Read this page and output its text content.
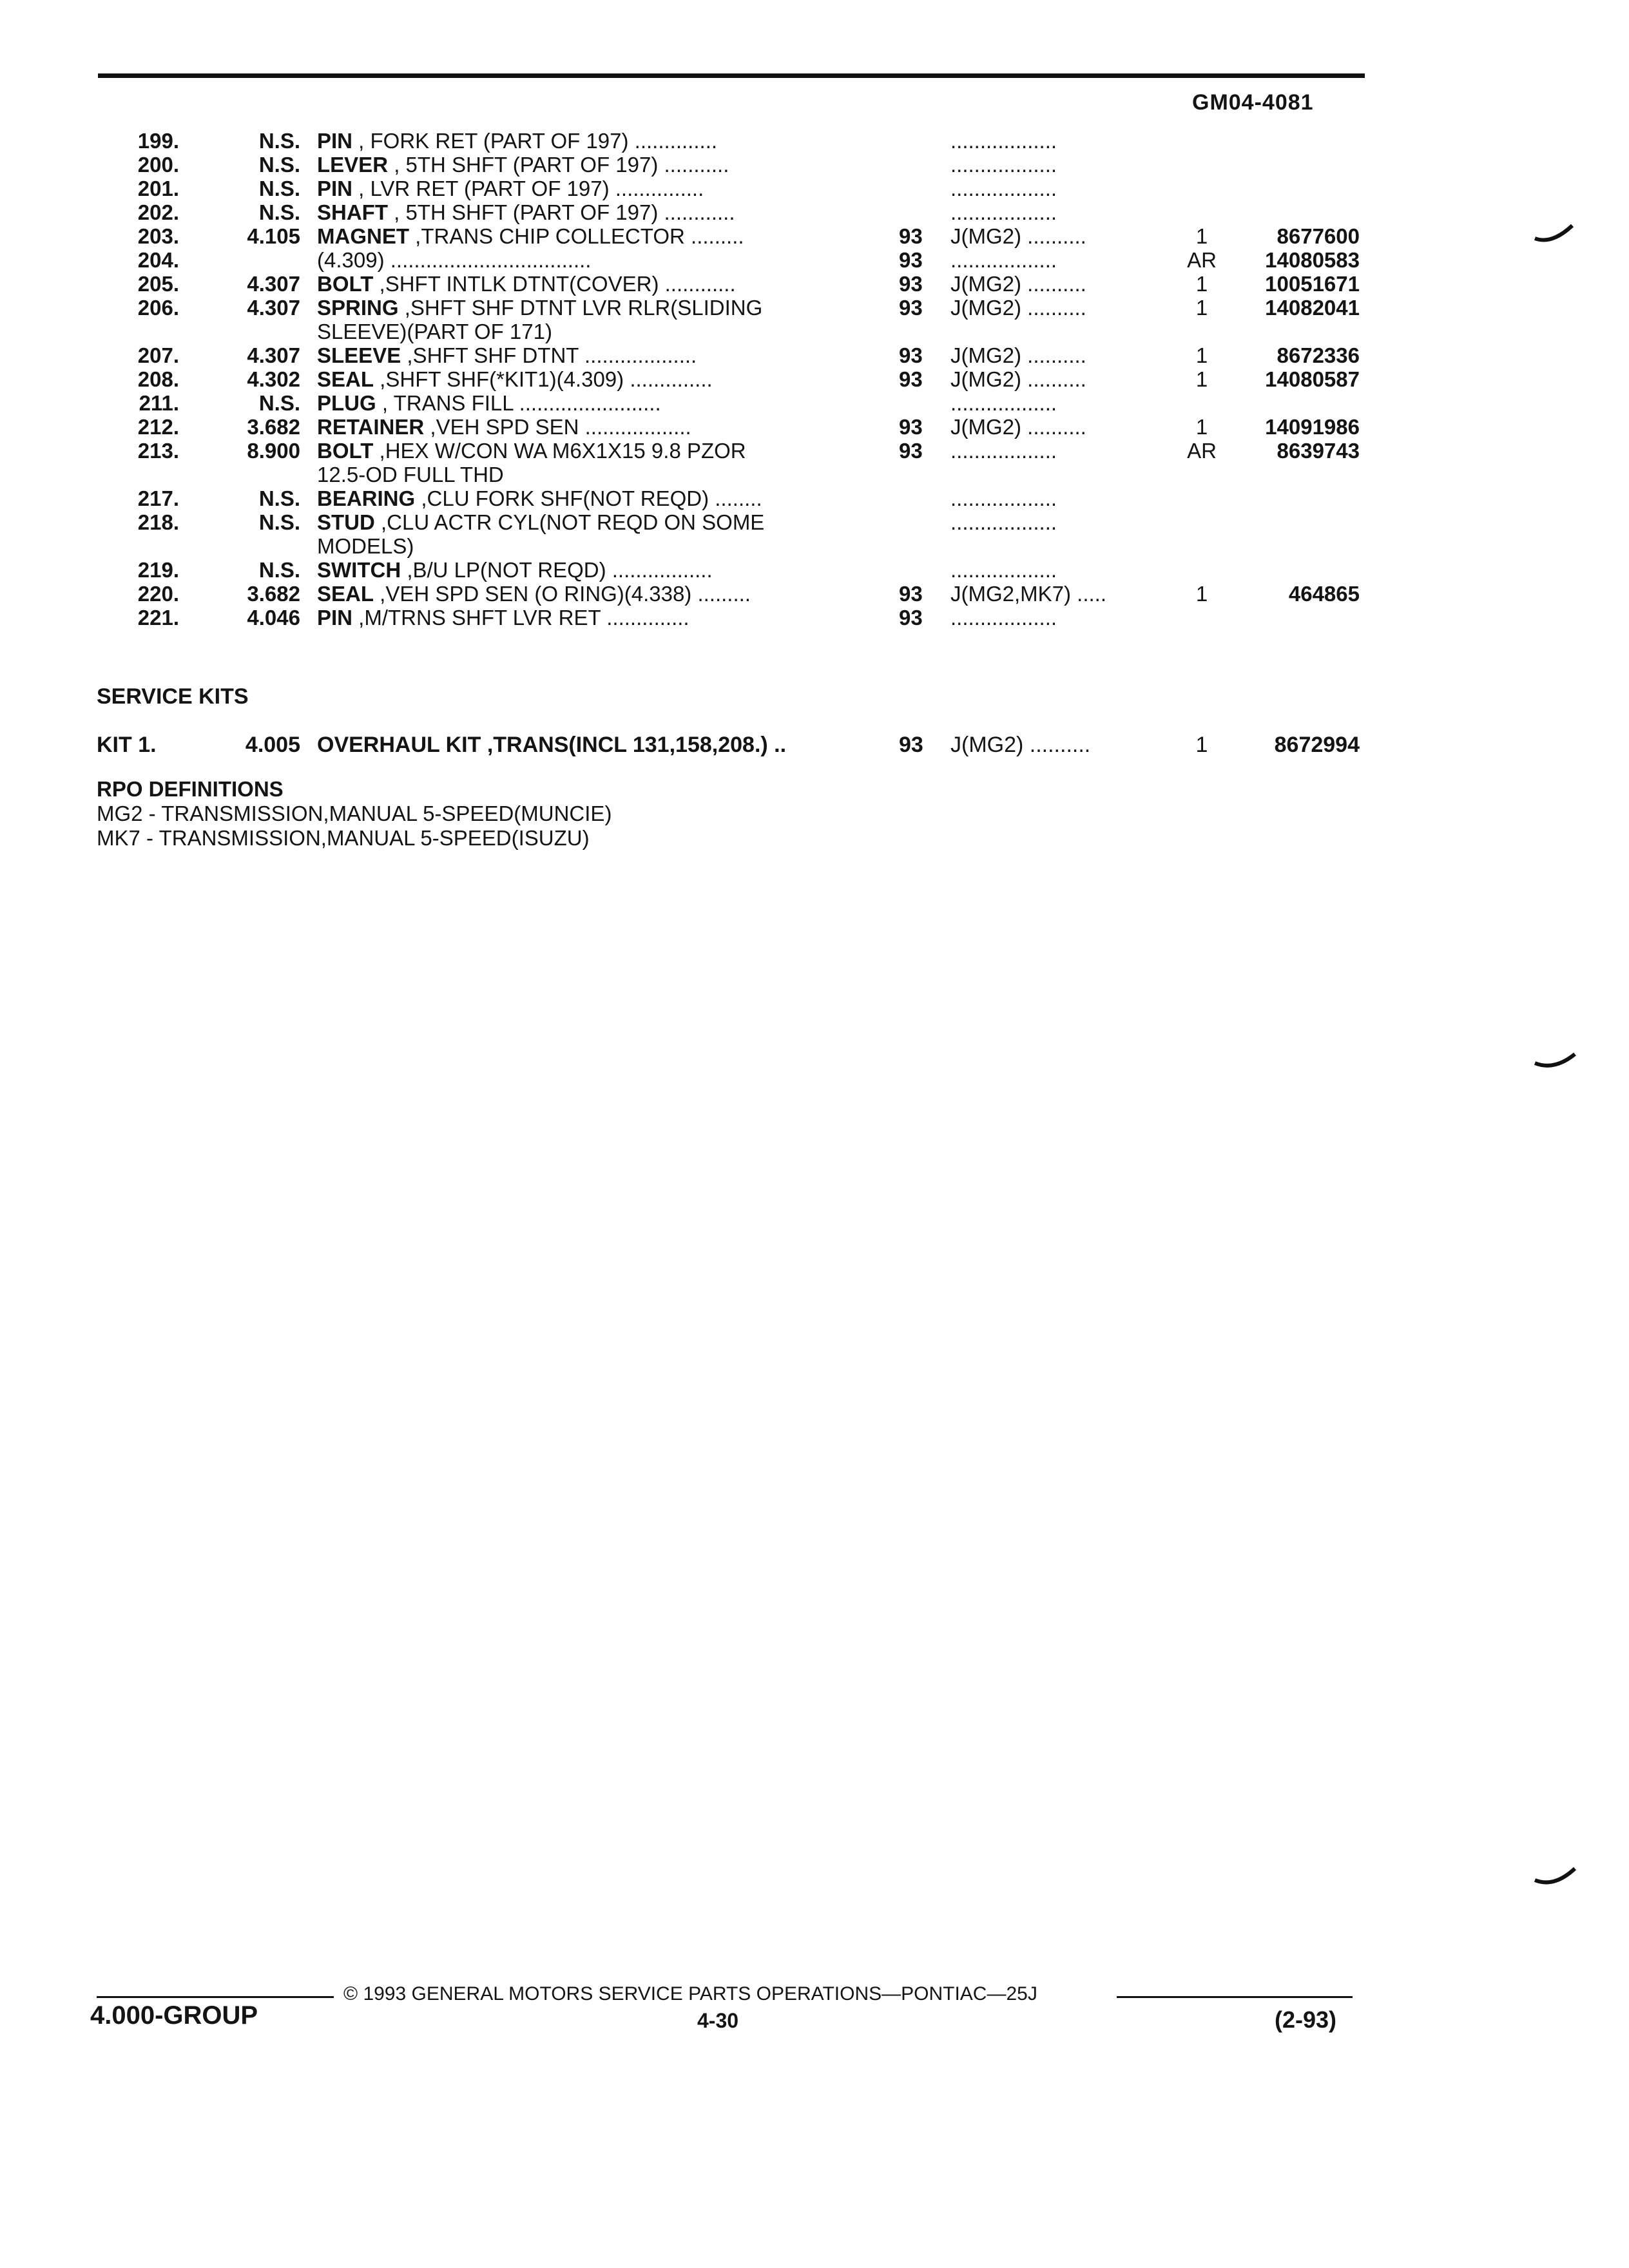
GM04-4081
199.	N.S. PIN , FORK RET (PART OF 197) ..............	..................
200.	N.S. LEVER , 5TH SHFT (PART OF 197) ...........	..................
201.	N.S. PIN , LVR RET (PART OF 197) ...............	..................
202.	N.S. SHAFT , 5TH SHFT (PART OF 197) ............	..................
203.	4.105 MAGNET ,TRANS CHIP COLLECTOR .........	93	J(MG2) ..........	1	8677600
204.	(4.309) ..................................	93	..................	AR	14080583
205.	4.307 BOLT ,SHFT INTLK DTNT(COVER) ............	93	J(MG2) ..........	1	10051671
206.	4.307 SPRING ,SHFT SHF DTNT LVR RLR(SLIDING
SLEEVE)(PART OF 171)
93	J(MG2) ..........	1	14082041
207.	4.307 SLEEVE ,SHFT SHF DTNT ...................	93	J(MG2) ..........	1	8672336
208.	4.302 SEAL ,SHFT SHF(*KIT1)(4.309) ..............	93	J(MG2) ..........	1	14080587
211.	N.S. PLUG , TRANS FILL ........................	..................
212.	3.682 RETAINER ,VEH SPD SEN ..................	93	J(MG2) ..........	1	14091986
213.	8.900 BOLT ,HEX W/CON WA M6X1X15 9.8 PZOR
12.5-OD FULL THD
93	..................	AR	8639743
217.	N.S. BEARING ,CLU FORK SHF(NOT REQD) ........	..................
218.	N.S. STUD ,CLU ACTR CYL(NOT REQD ON SOME
MODELS)
..................
219.	N.S. SWITCH ,B/U LP(NOT REQD) .................	..................
220.	3.682 SEAL ,VEH SPD SEN (O RING)(4.338) .........	93	J(MG2,MK7) .....	1	464865
221.	4.046 PIN ,M/TRNS SHFT LVR RET ..............	93	..................
SERVICE KITS
KIT 1.	4.005 OVERHAUL KIT ,TRANS(INCL 131,158,208.) ..	93	J(MG2) ..........	1	8672994
RPO DEFINITIONS
MG2 - TRANSMISSION,MANUAL 5-SPEED(MUNCIE)
MK7 - TRANSMISSION,MANUAL 5-SPEED(ISUZU)
© 1993 GENERAL MOTORS SERVICE PARTS OPERATIONS—PONTIAC—25J
4.000-GROUP	4-30	(2-93)
